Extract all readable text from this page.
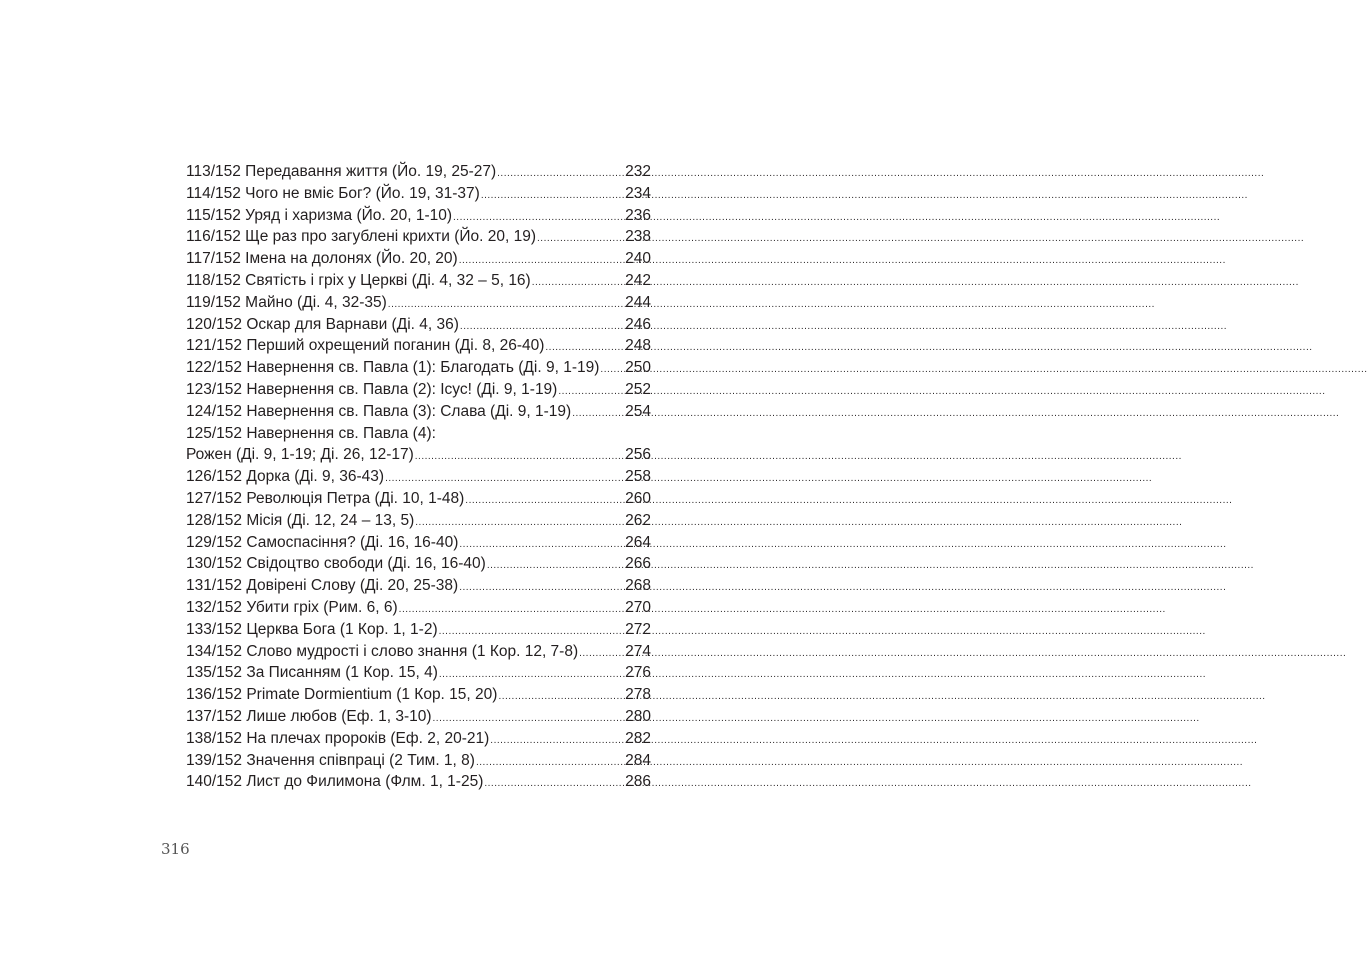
113/152 Передавання життя (Йо. 19, 25-27) .....	232
114/152 Чого не вміє Бог? (Йо. 19, 31-37) .....	234
115/152 Уряд і харизма (Йо. 20, 1-10) .....	236
116/152 Ще раз про загублені крихти (Йо. 20, 19) .....	238
117/152 Імена на долонях (Йо. 20, 20) .....	240
118/152 Святість і гріх у Церкві (Ді. 4, 32 – 5, 16) .....	242
119/152 Майно (Ді. 4, 32-35) .....	244
120/152 Оскар для Варнави (Ді. 4, 36) .....	246
121/152 Перший охрещений поганин (Ді. 8, 26-40) .....	248
122/152 Навернення св. Павла (1): Благодать (Ді. 9, 1-19) ..... 250
123/152 Навернення св. Павла (2): Ісус! (Ді. 9, 1-19) .....	252
124/152 Навернення св. Павла (3): Слава (Ді. 9, 1-19) .....	254
125/152 Навернення св. Павла (4):
Рожен (Ді. 9, 1-19; Ді. 26, 12-17) .....	256
126/152 Дорка (Ді. 9, 36-43) .....	258
127/152 Революція Петра (Ді. 10, 1-48) .....	260
128/152 Місія (Ді. 12, 24 – 13, 5) .....	262
129/152 Самоспасіння? (Ді. 16, 16-40) .....	264
130/152 Свідоцтво свободи (Ді. 16, 16-40) .....	266
131/152 Довірені Слову (Ді. 20, 25-38) .....	268
132/152 Убити гріх (Рим. 6, 6) .....	270
133/152 Церква Бога (1 Кор. 1, 1-2) .....	272
134/152 Слово мудрості і слово знання (1 Кор. 12, 7-8) .....	274
135/152 За Писанням (1 Кор. 15, 4) .....	276
136/152 Primate Dormientium (1 Кор. 15, 20) .....	278
137/152 Лише любов (Еф. 1, 3-10) .....	280
138/152 На плечах пророків (Еф. 2, 20-21) .....	282
139/152 Значення співпраці (2 Тим. 1, 8) .....	284
140/152 Лист до Филимона (Флм. 1, 1-25) .....	286
316
